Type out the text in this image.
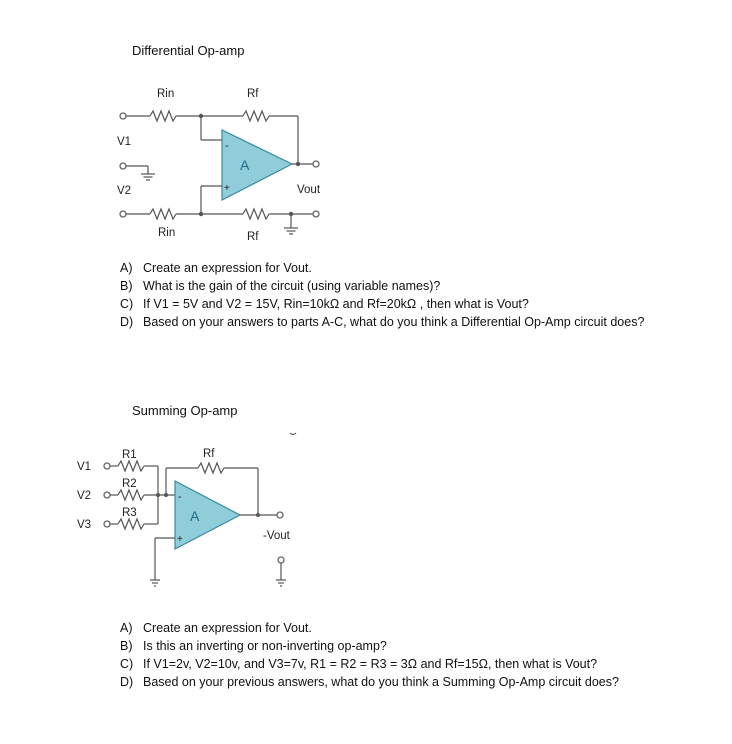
Differential Op-amp
Rin	Rf
V1
V2
A
-
+	Vout
Rin	Rf
R1	Rf
V1
R2
V2
R3
V3
A
-
+	-Vout
A) Create an expression for Vout.
B) What is the gain of the circuit (using variable names)?
C) If V1 = 5V and V2 = 15V, Rin=10kΩ and Rf=20kΩ , then what is Vout?
D) Based on your answers to parts A-C, what do you think a Differential Op-Amp circuit does?
Summing Op-amp
A) Create an expression for Vout.
B) Is this an inverting or non-inverting op-amp?
C) If V1=2v, V2=10v, and V3=7v, R1 = R2 = R3 = 3Ω and Rf=15Ω, then what is Vout?
D) Based on your previous answers, what do you think a Summing Op-Amp circuit does?
